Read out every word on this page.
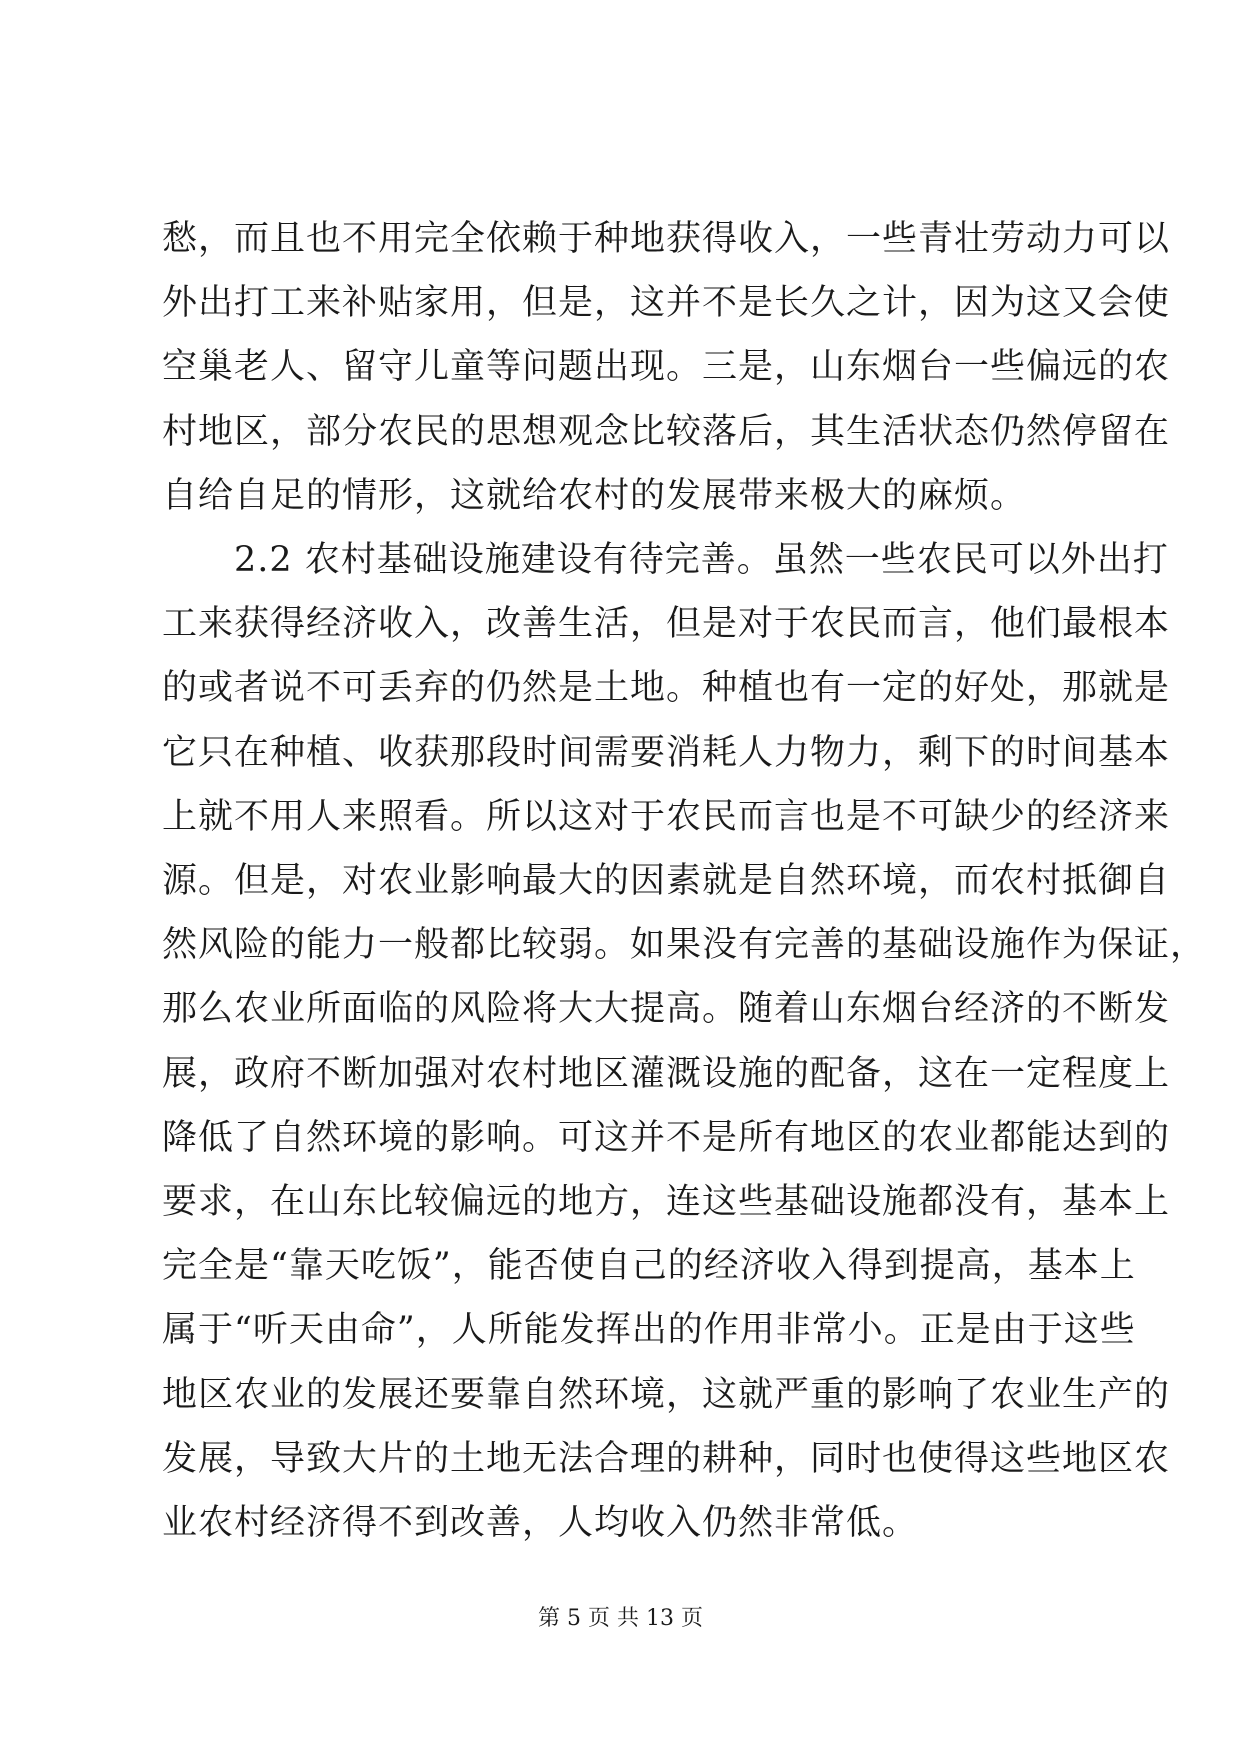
愁，而且也不用完全依赖于种地获得收入，一些青壮劳动力可以
外出打工来补贴家用，但是，这并不是长久之计，因为这又会使
空巢老人、留守儿童等问题出现。三是，山东烟台一些偏远的农
村地区，部分农民的思想观念比较落后，其生活状态仍然停留在
自给自足的情形，这就给农村的发展带来极大的麻烦。

　　2.2 农村基础设施建设有待完善。虽然一些农民可以外出打
工来获得经济收入，改善生活，但是对于农民而言，他们最根本
的或者说不可丢弃的仍然是土地。种植也有一定的好处，那就是
它只在种植、收获那段时间需要消耗人力物力，剩下的时间基本
上就不用人来照看。所以这对于农民而言也是不可缺少的经济来
源。但是，对农业影响最大的因素就是自然环境，而农村抵御自
然风险的能力一般都比较弱。如果没有完善的基础设施作为保证，
那么农业所面临的风险将大大提高。随着山东烟台经济的不断发
展，政府不断加强对农村地区灌溉设施的配备，这在一定程度上
降低了自然环境的影响。可这并不是所有地区的农业都能达到的
要求，在山东比较偏远的地方，连这些基础设施都没有，基本上
完全是“靠天吃饭”，能否使自己的经济收入得到提高，基本上
属于“听天由命”，人所能发挥出的作用非常小。正是由于这些
地区农业的发展还要靠自然环境，这就严重的影响了农业生产的
发展，导致大片的土地无法合理的耕种，同时也使得这些地区农
业农村经济得不到改善，人均收入仍然非常低。

第 5 页 共 13 页
